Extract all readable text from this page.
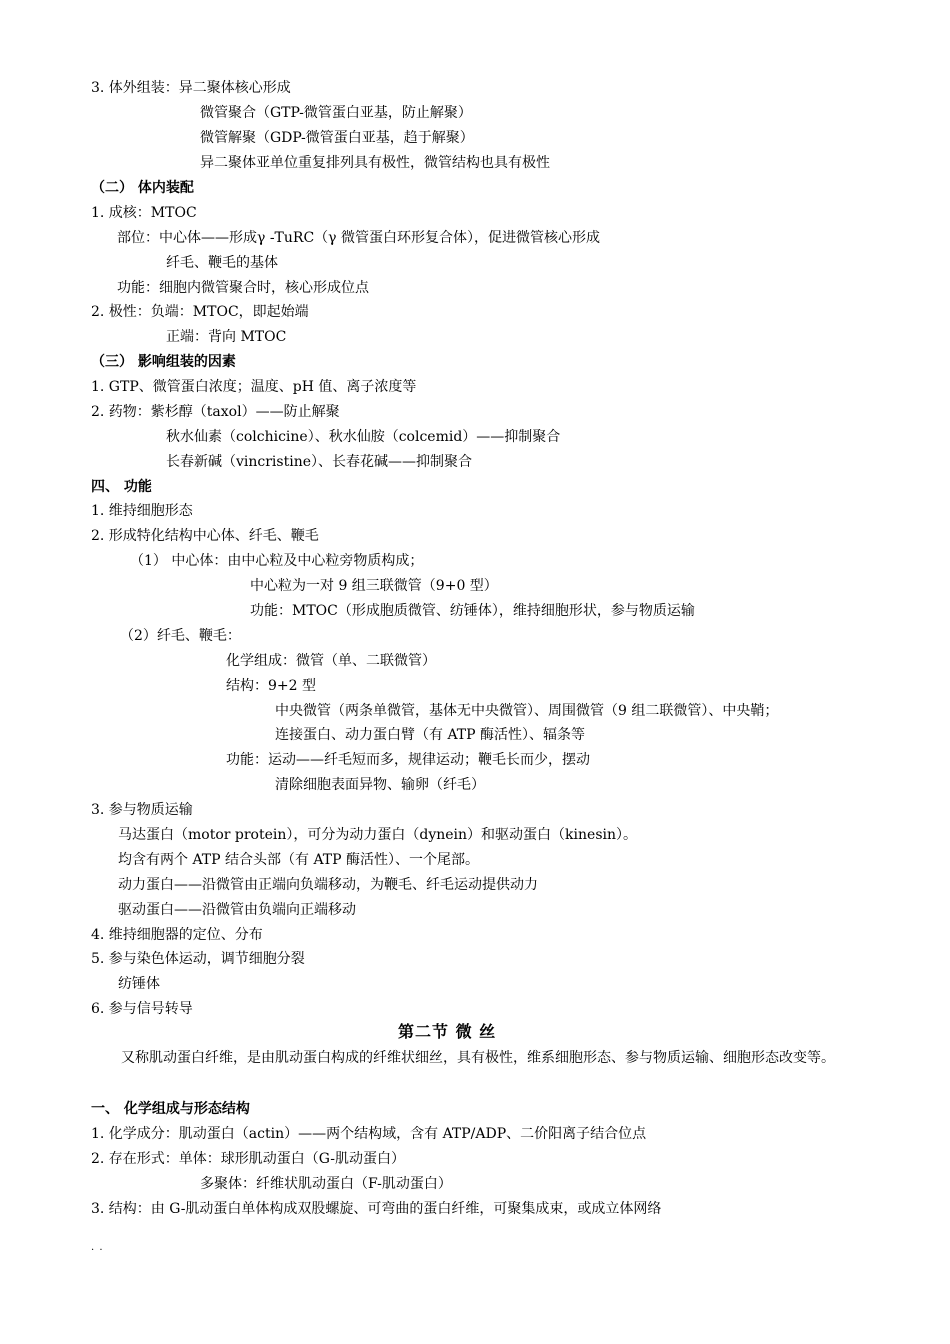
3. 体外组装：异二聚体核心形成
微管聚合（GTP-微管蛋白亚基，防止解聚）
微管解聚（GDP-微管蛋白亚基，趋于解聚）
异二聚体亚单位重复排列具有极性，微管结构也具有极性
（二） 体内装配
1. 成核：MTOC
部位：中心体——形成γ -TuRC（γ 微管蛋白环形复合体），促进微管核心形成
纤毛、鞭毛的基体
功能：细胞内微管聚合时，核心形成位点
2. 极性：负端：MTOC，即起始端
正端：背向 MTOC
（三） 影响组装的因素
1. GTP、微管蛋白浓度；温度、pH 值、离子浓度等
2. 药物：紫杉醇（taxol）——防止解聚
秋水仙素（colchicine）、秋水仙胺（colcemid）——抑制聚合
长春新碱（vincristine）、长春花碱——抑制聚合
四、 功能
1. 维持细胞形态
2. 形成特化结构中心体、纤毛、鞭毛
（1） 中心体：由中心粒及中心粒旁物质构成；
中心粒为一对 9 组三联微管（9+0 型）
功能：MTOC（形成胞质微管、纺锤体），维持细胞形状，参与物质运输
（2）纤毛、鞭毛：
化学组成：微管（单、二联微管）
结构：9+2 型
中央微管（两条单微管，基体无中央微管）、周围微管（9 组二联微管）、中央鞘；
连接蛋白、动力蛋白臂（有 ATP 酶活性）、辐条等
功能：运动——纤毛短而多，规律运动；鞭毛长而少，摆动
清除细胞表面异物、输卵（纤毛）
3. 参与物质运输
马达蛋白（motor protein），可分为动力蛋白（dynein）和驱动蛋白（kinesin）。
均含有两个 ATP 结合头部（有 ATP 酶活性）、一个尾部。
动力蛋白——沿微管由正端向负端移动，为鞭毛、纤毛运动提供动力
驱动蛋白——沿微管由负端向正端移动
4. 维持细胞器的定位、分布
5. 参与染色体运动，调节细胞分裂
纺锤体
6. 参与信号转导
第二节 微 丝
又称肌动蛋白纤维，是由肌动蛋白构成的纤维状细丝，具有极性，维系细胞形态、参与物质运输、细胞形态改变等。
一、 化学组成与形态结构
1. 化学成分：肌动蛋白（actin）——两个结构域，含有 ATP/ADP、二价阳离子结合位点
2. 存在形式：单体：球形肌动蛋白（G-肌动蛋白）
多聚体：纤维状肌动蛋白（F-肌动蛋白）
3. 结构：由 G-肌动蛋白单体构成双股螺旋、可弯曲的蛋白纤维，可聚集成束，或成立体网络
. .
